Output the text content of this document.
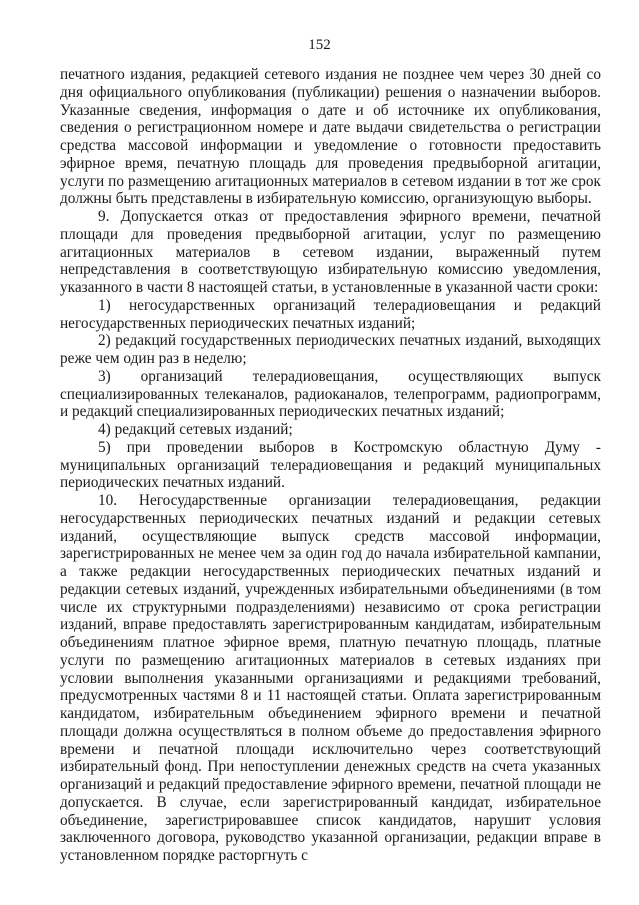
152

печатного издания, редакцией сетевого издания не позднее чем через 30 дней со дня официального опубликования (публикации) решения о назначении выборов. Указанные сведения, информация о дате и об источнике их опубликования, сведения о регистрационном номере и дате выдачи свидетельства о регистрации средства массовой информации и уведомление о готовности предоставить эфирное время, печатную площадь для проведения предвыборной агитации, услуги по размещению агитационных материалов в сетевом издании в тот же срок должны быть представлены в избирательную комиссию, организующую выборы.

9. Допускается отказ от предоставления эфирного времени, печатной площади для проведения предвыборной агитации, услуг по размещению агитационных материалов в сетевом издании, выраженный путем непредставления в соответствующую избирательную комиссию уведомления, указанного в части 8 настоящей статьи, в установленные в указанной части сроки:

1) негосударственных организаций телерадиовещания и редакций негосударственных периодических печатных изданий;

2) редакций государственных периодических печатных изданий, выходящих реже чем один раз в неделю;

3) организаций телерадиовещания, осуществляющих выпуск специализированных телеканалов, радиоканалов, телепрограмм, радиопрограмм, и редакций специализированных периодических печатных изданий;

4) редакций сетевых изданий;

5) при проведении выборов в Костромскую областную Думу - муниципальных организаций телерадиовещания и редакций муниципальных периодических печатных изданий.

10. Негосударственные организации телерадиовещания, редакции негосударственных периодических печатных изданий и редакции сетевых изданий, осуществляющие выпуск средств массовой информации, зарегистрированных не менее чем за один год до начала избирательной кампании, а также редакции негосударственных периодических печатных изданий и редакции сетевых изданий, учрежденных избирательными объединениями (в том числе их структурными подразделениями) независимо от срока регистрации изданий, вправе предоставлять зарегистрированным кандидатам, избирательным объединениям платное эфирное время, платную печатную площадь, платные услуги по размещению агитационных материалов в сетевых изданиях при условии выполнения указанными организациями и редакциями требований, предусмотренных частями 8 и 11 настоящей статьи. Оплата зарегистрированным кандидатом, избирательным объединением эфирного времени и печатной площади должна осуществляться в полном объеме до предоставления эфирного времени и печатной площади исключительно через соответствующий избирательный фонд. При непоступлении денежных средств на счета указанных организаций и редакций предоставление эфирного времени, печатной площади не допускается. В случае, если зарегистрированный кандидат, избирательное объединение, зарегистрировавшее список кандидатов, нарушит условия заключенного договора, руководство указанной организации, редакции вправе в установленном порядке расторгнуть с
